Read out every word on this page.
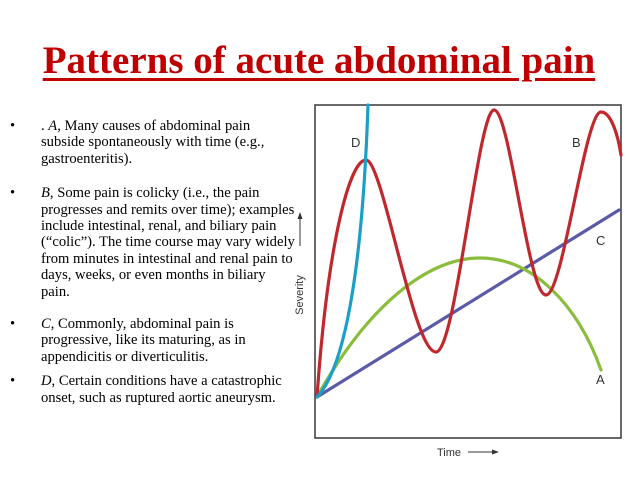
Patterns of acute abdominal pain
•
. A, Many causes of abdominal pain subside spontaneously with time (e.g., gastroenteritis).
•
B, Some pain is colicky (i.e., the pain progresses and remits over time); examples include intestinal, renal, and biliary pain (“colic”). The time course may vary widely from minutes in intestinal and renal pain to days, weeks, or even months in biliary pain.
•
C, Commonly, abdominal pain is progressive, like its maturing, as in appendicitis or diverticulitis.
•
D, Certain conditions have a catastrophic onset, such as ruptured aortic aneurysm.
D	B
C
A
Severity
Time
